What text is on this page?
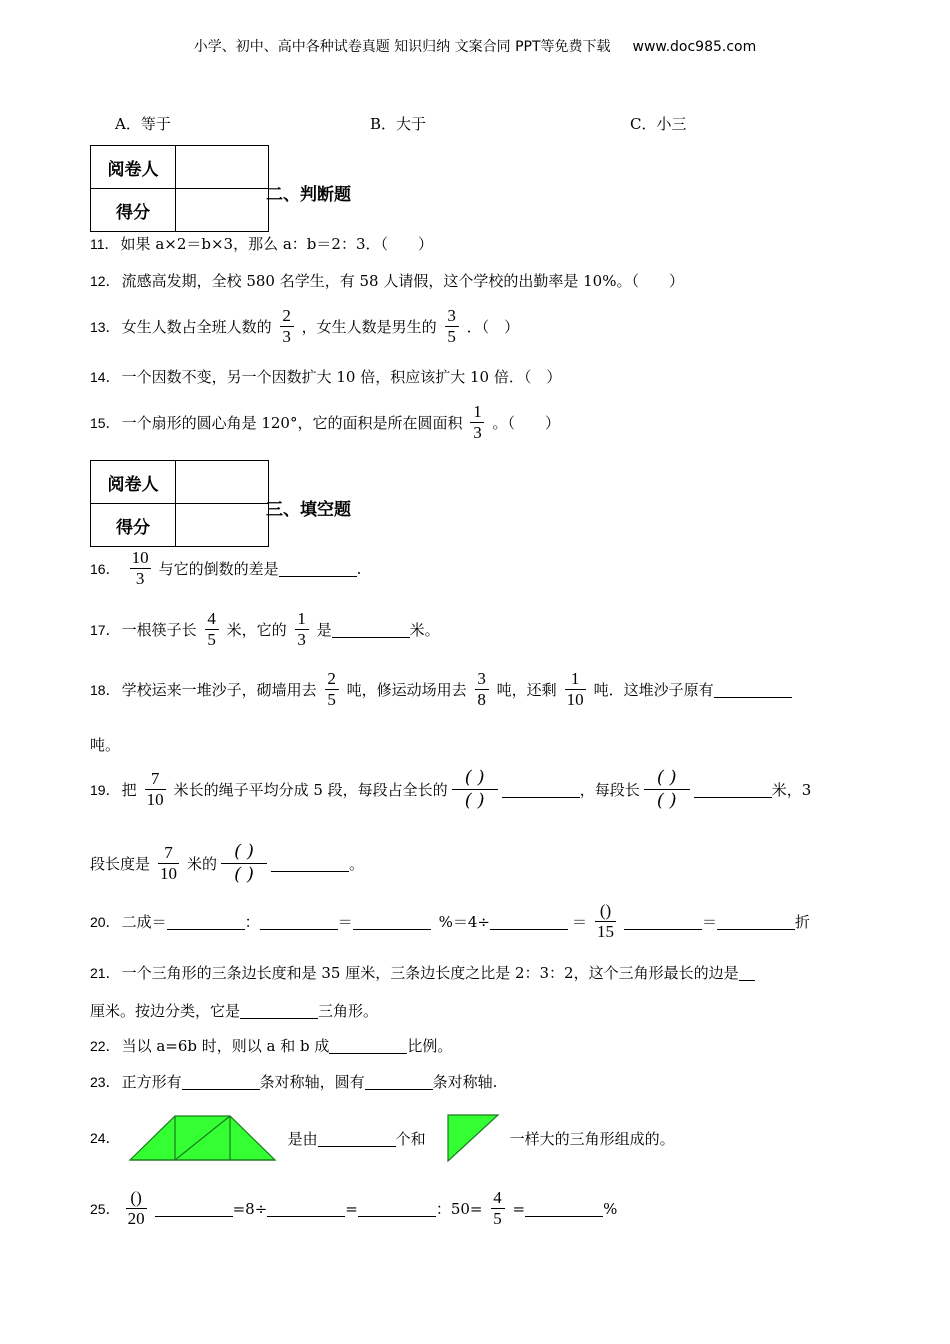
小学、初中、高中各种试卷真题 知识归纳 文案合同 PPT等免费下载 www.doc985.com
A．等于	B．大于	C．小三
阅卷人	
得分	
二、判断题
11． 如果 a×2＝b×3，那么 a：b＝2：3．（　　）
12． 流感高发期，全校 580 名学生，有 58 人请假，这个学校的出勤率是 10%。（　　）
13． 女生人数占全班人数的 $\frac{2}{3}$ ，女生人数是男生的 $\frac{3}{5}$ ．（　）
14． 一个因数不变，另一个因数扩大 10 倍，积应该扩大 10 倍．（　）
15． 一个扇形的圆心角是 120°，它的面积是所在圆面积 $\frac{1}{3}$ 。（　　）
阅卷人	
得分	
三、填空题
16． $\frac{10}{3}$ 与它的倒数的差是	.
17． 一根筷子长 $\frac{4}{5}$ 米，它的 $\frac{1}{3}$ 是	米。
18． 学校运来一堆沙子，砌墙用去 $\frac{2}{5}$ 吨，修运动场用去 $\frac{3}{8}$ 吨，还剩 $\frac{1}{10}$ 吨．这堆沙子原有
吨。
19． 把 $\frac{7}{10}$ 米长的绳子平均分成 5 段，每段占全长的
( )
( )	，每段长
( )
( )	米，3
段长度是 $\frac{7}{10}$ 米的
( )
( )	。
20． 二成＝	：	＝	%＝4÷	＝ $\frac{()}{15}$	＝	折
21． 一个三角形的三条边长度和是 35 厘米，三条边长度之比是 2：3：2，这个三角形最长的边是
厘米。按边分类，它是	三角形。
22． 当以 a=6b 时，则以 a 和 b 成	比例。
23． 正方形有	条对称轴，圆有	条对称轴.
24．	是由	个和	一样大的三角形组成的。
25． $\frac{()}{20}$	=8÷	=	：$50= \frac{4}{5}$ =	%
